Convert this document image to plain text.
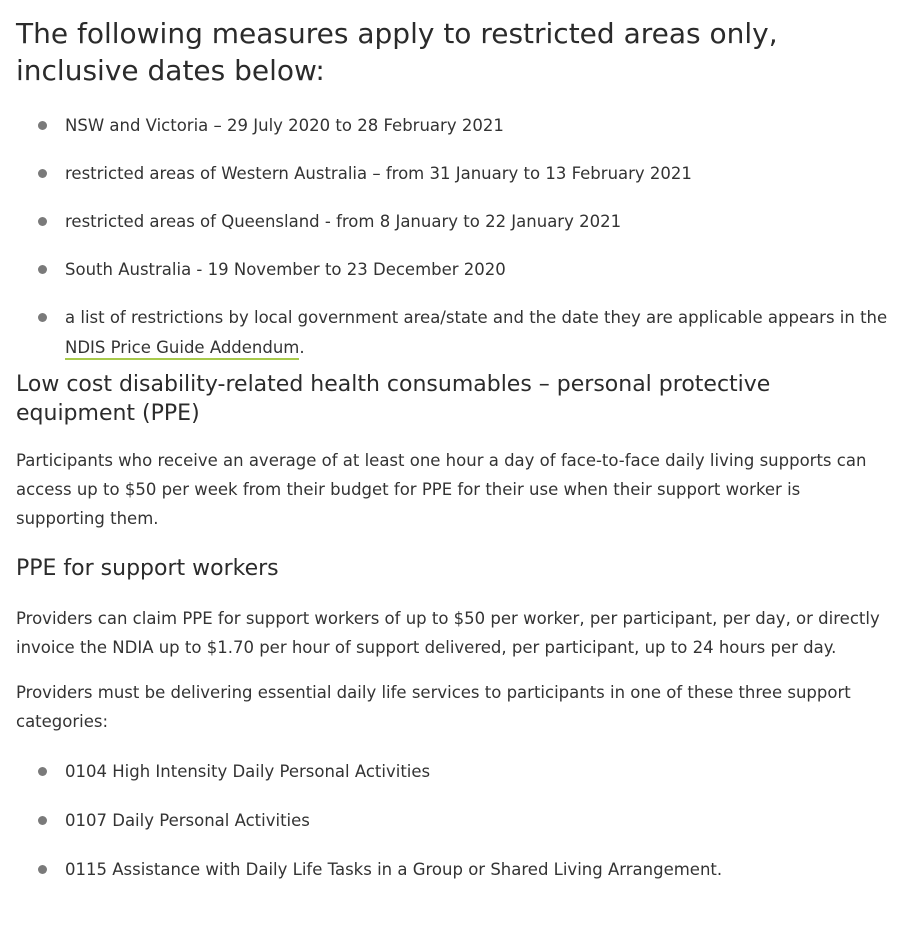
The following measures apply to restricted areas only, inclusive dates below:
NSW and Victoria – 29 July 2020 to 28 February 2021
restricted areas of Western Australia – from 31 January to 13 February 2021
restricted areas of Queensland - from 8 January to 22 January 2021
South Australia - 19 November to 23 December 2020
a list of restrictions by local government area/state and the date they are applicable appears in the NDIS Price Guide Addendum.
Low cost disability-related health consumables – personal protective equipment (PPE)

Participants who receive an average of at least one hour a day of face-to-face daily living supports can access up to $50 per week from their budget for PPE for their use when their support worker is supporting them.

PPE for support workers

Providers can claim PPE for support workers of up to $50 per worker, per participant, per day, or directly invoice the NDIA up to $1.70 per hour of support delivered, per participant, up to 24 hours per day.

Providers must be delivering essential daily life services to participants in one of these three support categories:

0104 High Intensity Daily Personal Activities
0107 Daily Personal Activities
0115 Assistance with Daily Life Tasks in a Group or Shared Living Arrangement.
